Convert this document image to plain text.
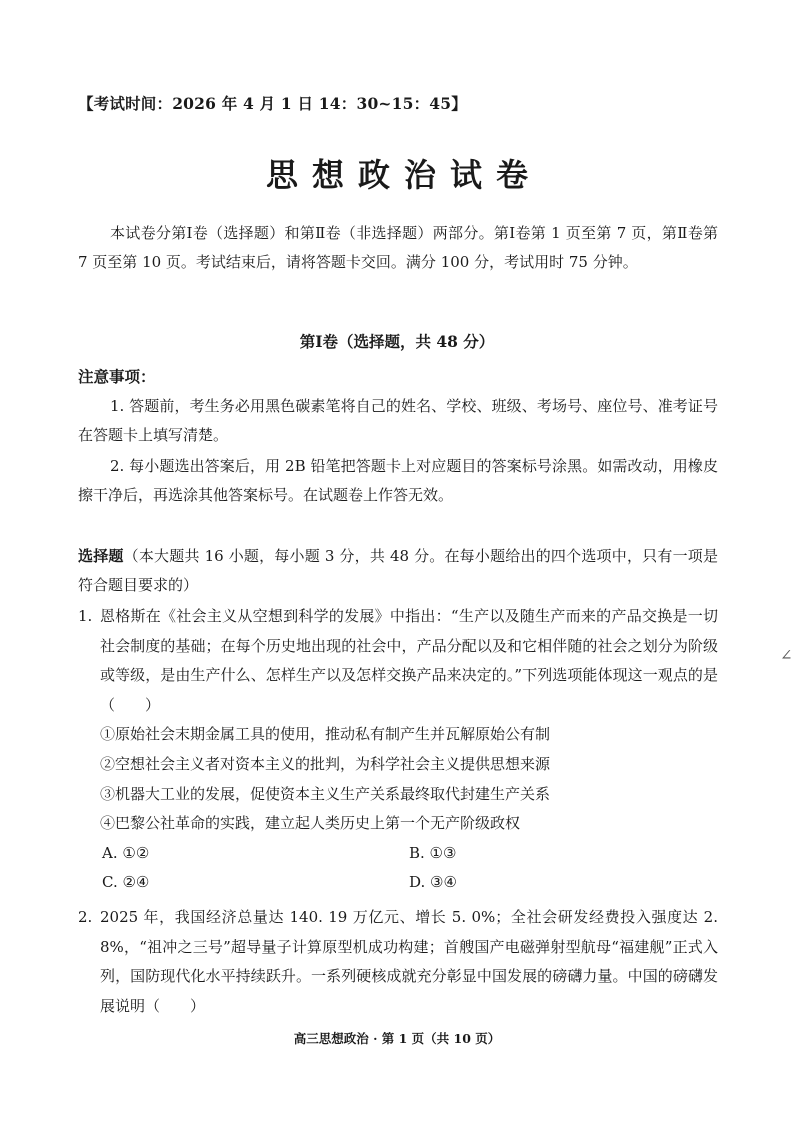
【考试时间：2026 年 4 月 1 日 14：30~15：45】
思想政治试卷
本试卷分第Ⅰ卷（选择题）和第Ⅱ卷（非选择题）两部分。第Ⅰ卷第 1 页至第 7 页，第Ⅱ卷第 7 页至第 10 页。考试结束后，请将答题卡交回。满分 100 分，考试用时 75 分钟。
第Ⅰ卷（选择题，共 48 分）
注意事项：

1. 答题前，考生务必用黑色碳素笔将自己的姓名、学校、班级、考场号、座位号、准考证号在答题卡上填写清楚。

2. 每小题选出答案后，用 2B 铅笔把答题卡上对应题目的答案标号涂黑。如需改动，用橡皮擦干净后，再选涂其他答案标号。在试题卷上作答无效。

选择题（本大题共 16 小题，每小题 3 分，共 48 分。在每小题给出的四个选项中，只有一项是符合题目要求的）
1. 恩格斯在《社会主义从空想到科学的发展》中指出：“生产以及随生产而来的产品交换是一切社会制度的基础；在每个历史地出现的社会中，产品分配以及和它相伴随的社会之划分为阶级或等级，是由生产什么、怎样生产以及怎样交换产品来决定的。”下列选项能体现这一观点的是（　　）
①原始社会末期金属工具的使用，推动私有制产生并瓦解原始公有制
②空想社会主义者对资本主义的批判，为科学社会主义提供思想来源
③机器大工业的发展，促使资本主义生产关系最终取代封建生产关系
④巴黎公社革命的实践，建立起人类历史上第一个无产阶级政权
A. ①②	B. ①③
C. ②④	D. ③④
2. 2025 年，我国经济总量达 140. 19 万亿元、增长 5. 0%；全社会研发经费投入强度达 2. 8%，“祖冲之三号”超导量子计算原型机成功构建；首艘国产电磁弹射型航母“福建舰”正式入列，国防现代化水平持续跃升。一系列硬核成就充分彰显中国发展的磅礴力量。中国的磅礴发展说明（　　）
高三思想政治 · 第 1 页（共 10 页）
∠
